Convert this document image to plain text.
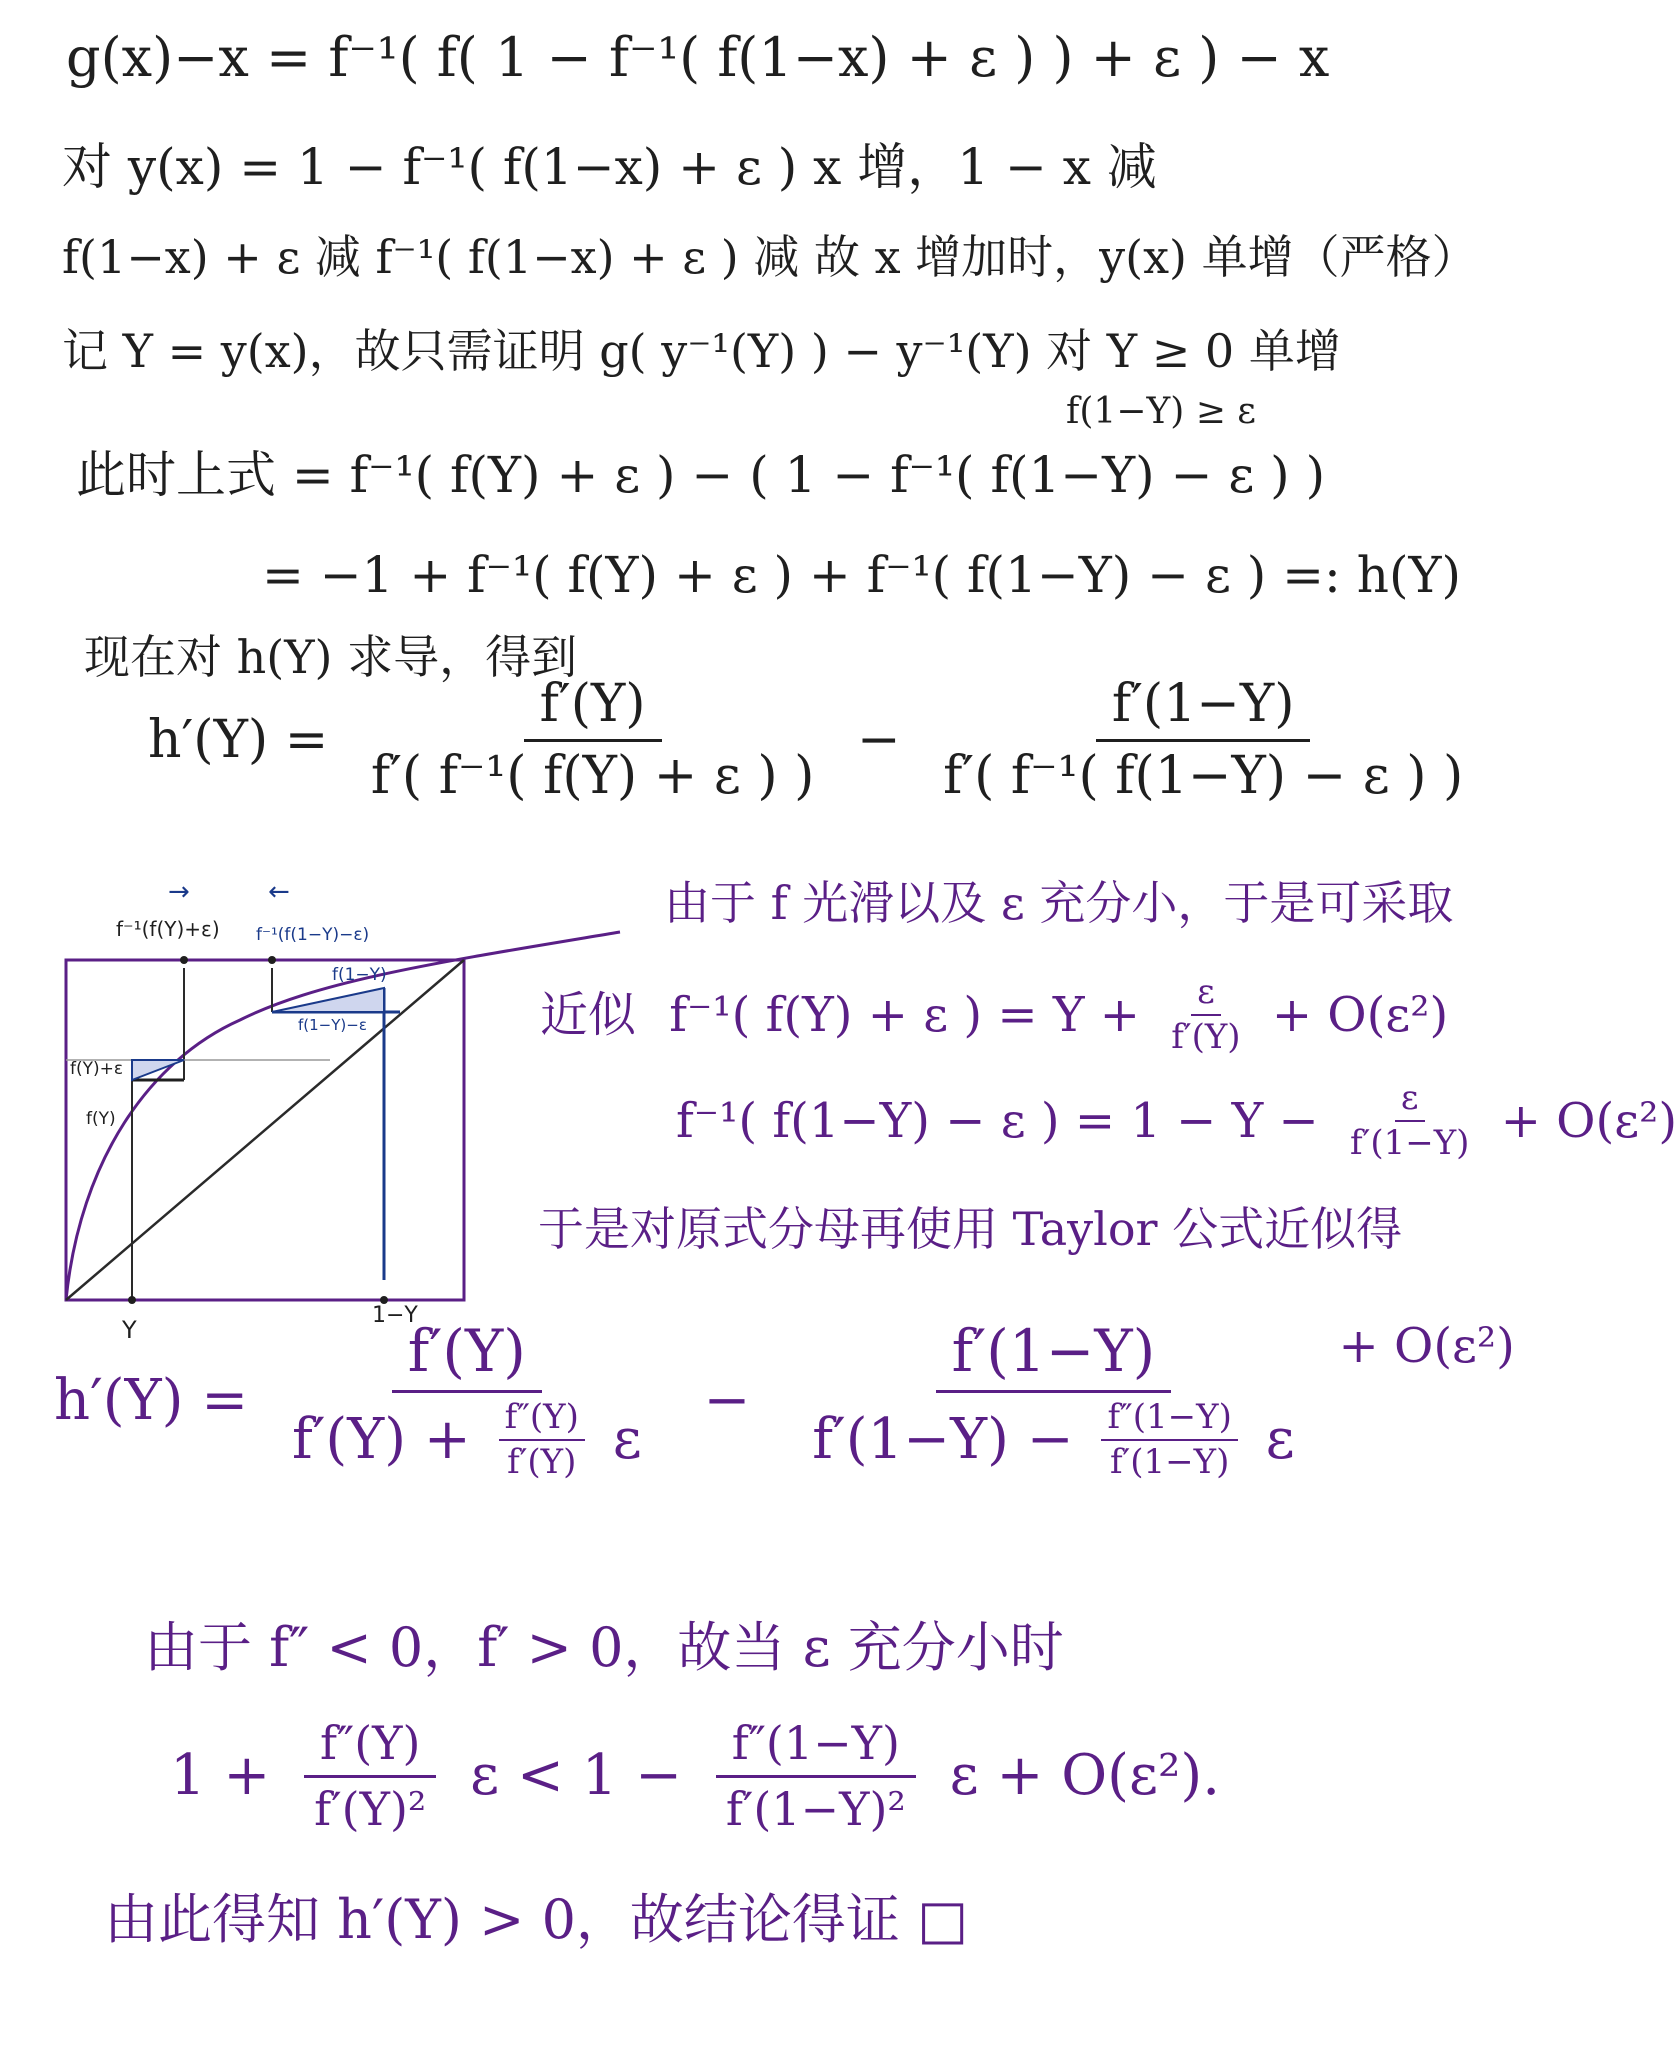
g(x)−x = f⁻¹( f( 1 − f⁻¹( f(1−x) + ε ) ) + ε ) − x
对 y(x) = 1 − f⁻¹( f(1−x) + ε ) x 增，1 − x 减
f(1−x) + ε 减 f⁻¹( f(1−x) + ε ) 减 故 x 增加时，y(x) 单增（严格）
记 Y = y(x)，故只需证明 g( y⁻¹(Y) ) − y⁻¹(Y) 对 Y ≥ 0 单增
f(1−Y) ≥ ε
此时上式 = f⁻¹( f(Y) + ε ) − ( 1 − f⁻¹( f(1−Y) − ε ) )
= −1 + f⁻¹( f(Y) + ε ) + f⁻¹( f(1−Y) − ε ) =: h(Y)
现在对 h(Y) 求导，得到
$h'(Y) = \frac{f'(Y)}{\text{f′( f⁻¹( f(Y) + ε ) )}} - \frac{f'(1-Y)}{\text{f′( f⁻¹( f(1−Y) − ε ) )}}$
→	←
f⁻¹(f(Y)+ε) f⁻¹(f(1−Y)−ε)
f(1−Y)
f(1−Y)−ε
f(Y)+ε
f(Y)
Y
1−Y
由于 f 光滑以及 ε 充分小，于是可采取
近似 f⁻¹( f(Y) + ε ) = $Y + \frac{\varepsilon}{f'(Y)} + O(\varepsilon^2)$
f⁻¹( f(1−Y) − ε ) = $1 - Y - \frac{\varepsilon}{f'(1-Y)} + O(\varepsilon^2)$
于是对原式分母再使用 Taylor 公式近似得
$h'(Y) = \frac{f'(Y)}{f'(Y) + \frac{f''(Y)}{f'(Y)} \varepsilon}$ −
f′(1−Y)
$f'(1-Y) - \frac{f''(1-Y)}{f'(1-Y)}$ ε
+ O(ε²)
由于 f″ < 0，f′ > 0，故当 ε 充分小时
$1 + \frac{f''(Y)}{\text{f′(Y)²}}$ $\varepsilon < 1 - \frac{f''(1-Y)}{\text{f′(1−Y)²}}$ ε + O(ε²).
由此得知 h′(Y) > 0，故结论得证 □
